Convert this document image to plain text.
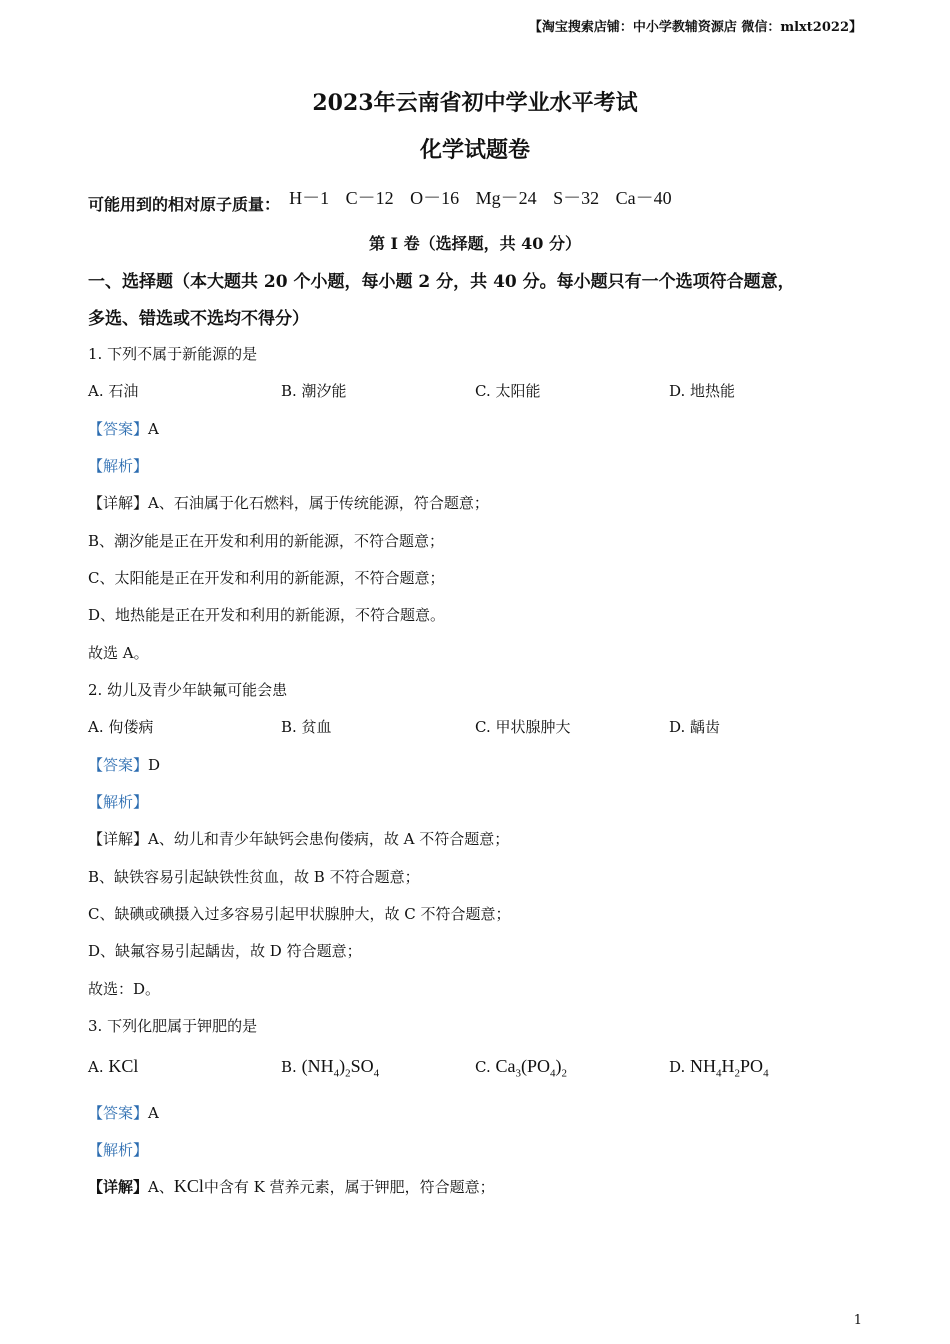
【淘宝搜索店铺：中小学教辅资源店 微信：mlxt2022】
2023年云南省初中学业水平考试
化学试题卷
可能用到的相对原子质量： H－1 C－12 O－16 Mg－24 S－32 Ca－40
第 I 卷（选择题，共 40 分）
一、选择题（本大题共 20 个小题，每小题 2 分，共 40 分。每小题只有一个选项符合题意，
多选、错选或不选均不得分）
1. 下列不属于新能源的是
A. 石油	B. 潮汐能	C. 太阳能	D. 地热能
【答案】A
【解析】
【详解】A、石油属于化石燃料，属于传统能源，符合题意；
B、潮汐能是正在开发和利用的新能源，不符合题意；
C、太阳能是正在开发和利用的新能源，不符合题意；
D、地热能是正在开发和利用的新能源，不符合题意。
故选 A。
2. 幼儿及青少年缺氟可能会患
A. 佝偻病	B. 贫血	C. 甲状腺肿大	D. 龋齿
【答案】D
【解析】
【详解】A、幼儿和青少年缺钙会患佝偻病，故 A 不符合题意；
B、缺铁容易引起缺铁性贫血，故 B 不符合题意；
C、缺碘或碘摄入过多容易引起甲状腺肿大，故 C 不符合题意；
D、缺氟容易引起龋齿，故 D 符合题意；
故选：D。
3. 下列化肥属于钾肥的是
A. KCl	B. $(NH_4)_2SO_4$	C. $Ca_3(PO_4)_2$	D. $NH_4H_2PO_4$
【答案】A
【解析】
【详解】A、KCl中含有 K 营养元素，属于钾肥，符合题意；
1
